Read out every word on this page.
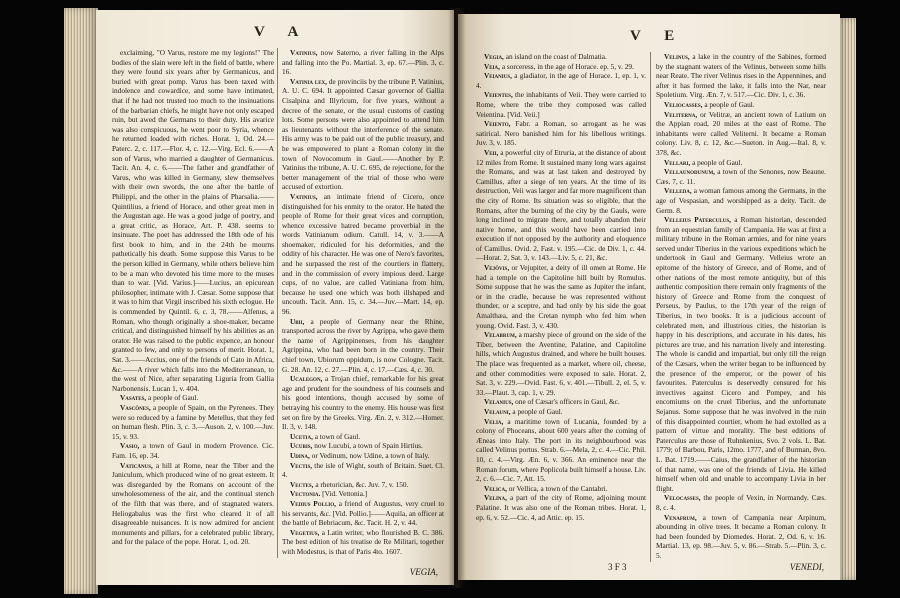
V A

exclaiming, "O Varus, restore me my legions!" The bodies of the slain were left in the field of battle, where they were found six years after by Germanicus, and buried with great pomp. Varus has been taxed with indolence and cowardice, and some have intimated, that if he had not trusted too much to the insinuations of the barbarian chiefs, he might have not only escaped ruin, but awed the Germans to their duty. His avarice was also conspicuous, he went poor to Syria, whence he returned loaded with riches. Horat. 1, Od. 24.—Paterc. 2, c. 117.—Flor. 4, c. 12.—Virg. Ecl. 6.——A son of Varus, who married a daughter of Germanicus. Tacit. An. 4, c. 6.——The father and grandfather of Varus, who was killed in Germany, slew themselves with their own swords, the one after the battle of Philippi, and the other in the plains of Pharsalia.——Quintilius, a friend of Horace, and other great men in the Augustan age. He was a good judge of poetry, and a great critic, as Horace, Art. P. 438. seems to insinuate. The poet has addressed the 18th ode of his first book to him, and in the 24th he mourns pathetically his death. Some suppose this Varus to be the person killed in Germany, while others believe him to be a man who devoted his time more to the muses than to war. [Vid. Varius.]——Lucius, an epicurean philosopher, intimate with J. Cæsar. Some suppose that it was to him that Virgil inscribed his sixth eclogue. He is commended by Quintil. 6, c. 3, 78.——Alfenus, a Roman, who though originally a shoe-maker, became critical, and distinguished himself by his abilities as an orator. He was raised to the public expence, an honour granted to few, and only to persons of merit. Horat. 1, Sat. 3.——Accius, one of the friends of Cato in Africa, &c.——A river which falls into the Mediterranean, to the west of Nice, after separating Liguria from Gallia Narbonensis. Lucan 1, v. 404.

Vasates, a people of Gaul.

Vascŏnes, a people of Spain, on the Pyrenees. They were so reduced by a famine by Metellus, that they fed on human flesh. Plin. 3, c. 3.—Auson. 2, v. 100.—Juv. 15, v. 93.

Vasio, a town of Gaul in modern Provence. Cic. Fam. 16, ep. 34.

Vaticānus, a hill at Rome, near the Tiber and the Janiculum, which produced wine of no great esteem. It was disregarded by the Romans on account of the unwholesomeness of the air, and the continual stench of the filth that was there, and of stagnated waters. Heliogabalus was the first who cleared it of all disagreeable nuisances. It is now admired for ancient monuments and pillars, for a celebrated public library, and for the palace of the pope. Horat. 1, od. 20.

Vatinius, now Saterno, a river falling in the Alps and falling into the Po. Martial. 3, ep. 67.—Plin. 3, c. 16.

Vatinia lex, de provinciis by the tribune P. Vatinius, A. U. C. 694. It appointed Cæsar governor of Gallia Cisalpina and Illyricum, for five years, without a decree of the senate, or the usual customs of casting lots. Some persons were also appointed to attend him as lieutenants without the interference of the senate. His army was to be paid out of the public treasury, and he was empowered to plant a Roman colony in the town of Novocomum in Gaul.——Another by P. Vatinius the tribune, A. U. C. 695, de rejectione, for the better management of the trial of those who were accused of extortion.

Vatinius, an intimate friend of Cicero, once distinguished for his enmity to the orator. He hated the people of Rome for their great vices and corruption, whence excessive hatred became proverbial in the words Vatinianum odium. Catull. 14, v. 3.——A shoemaker, ridiculed for his deformities, and the oddity of his character. He was one of Nero's favorites, and he surpassed the rest of the courtiers in flattery, and in the commission of every impious deed. Large cups, of no value, are called Vatiniana from him, because he used one which was both illshaped and uncouth. Tacit. Ann. 15, c. 34.—Juv.—Mart. 14, ep. 96.

Ubii, a people of Germany near the Rhine, transported across the river by Agrippa, who gave them the name of Agrippinenses, from his daughter Agrippina, who had been born in the country. Their chief town, Ubiorum oppidum, is now Cologne. Tacit. G. 28. An. 12, c. 27.—Plin. 4, c. 17.—Cæs. 4, c. 30.

Ucalegon, a Trojan chief, remarkable for his great age and prudent for the soundness of his counsels and his good intentions, though accused by some of betraying his country to the enemy. His house was first set on fire by the Greeks. Virg. Æn. 2, v. 312.—Homer. Il. 3, v. 148.

Ucetia, a town of Gaul.

Ucubis, now Lucubi, a town of Spain Hirtius.

Udina, or Vedinum, now Udine, a town of Italy.

Vectis, the isle of Wight, south of Britain. Suet. Cl. 4.

Vectes, a rhetorician, &c. Juv. 7, v. 150.

Vectonia. [Vid. Vettonia.]

Vedius Pollio, a friend of Augustus, very cruel to his servants, &c. [Vid. Pollio.]——Aquila, an officer at the battle of Bebriacum, &c. Tacit. H. 2, v. 44.

Vegetius, a Latin writer, who flourished B. C. 386. The best edition of his treatise de Re Militari, together with Modestus, is that of Paris 4to. 1607.

VEGIA,
V E

Vegia, an island on the coast of Dalmatia.

Veia, a sorceress, in the age of Horace. ep. 5, v. 29.

Veianius, a gladiator, in the age of Horace. 1, ep. 1, v. 4.

Veientes, the inhabitants of Veii. They were carried to Rome, where the tribe they composed was called Veientina. [Vid. Veii.]

Veiento, Fabr. a Roman, so arrogant as he was satirical. Nero banished him for his libellous writings. Juv. 3, v. 185.

Veii, a powerful city of Etruria, at the distance of about 12 miles from Rome. It sustained many long wars against the Romans, and was at last taken and destroyed by Camillus, after a siege of ten years. At the time of its destruction, Veii was larger and far more magnificent than the city of Rome. Its situation was so eligible, that the Romans, after the burning of the city by the Gauls, were long inclined to migrate there, and totally abandon their native home, and this would have been carried into execution if not opposed by the authority and eloquence of Camillus. Ovid. 2, Fast. v. 195.—Cic. de Div. 1, c. 44.—Horat. 2, Sat. 3, v. 143.—Liv. 5, c. 21, &c.

Vejŏvis, or Vejupiter, a deity of ill omen at Rome. He had a temple on the Capitoline hill built by Romulus. Some suppose that he was the same as Jupiter the infant, or in the cradle, because he was represented without thunder, or a sceptre, and had only by his side the goat Amalthæa, and the Cretan nymph who fed him when young. Ovid. Fast. 3, v. 430.

Velabrum, a marshy piece of ground on the side of the Tiber, between the Aventine, Palatine, and Capitoline hills, which Augustus drained, and where he built houses. The place was frequented as a market, where oil, cheese, and other commodities were exposed to sale. Horat. 2, Sat. 3, v. 229.—Ovid. Fast. 6, v. 401.—Tibull. 2, el. 5, v. 33.—Plaut. 3, cap. 1, v. 29.

Velanius, one of Cæsar's officers in Gaul, &c.

Velauni, a people of Gaul.

Velia, a maritime town of Lucania, founded by a colony of Phoceans, about 600 years after the coming of Æneas into Italy. The port in its neighbourhood was called Velinus portus. Strab. 6.—Mela, 2, c. 4.—Cic. Phil. 10, c. 4.—Virg. Æn. 6, v. 366. An eminence near the Roman forum, where Poplicola built himself a house. Liv. 2, c. 6.—Cic. 7, Att. 15.

Velica, or Vellica, a town of the Cantabri.

Velina, a part of the city of Rome, adjoining mount Palatine. It was also one of the Roman tribes. Horat. 1, ep. 6, v. 52.—Cic. 4, ad Attic. ep. 15.

Velinus, a lake in the country of the Sabines, formed by the stagnant waters of the Velinus, between some hills near Reate. The river Velinus rises in the Appennines, and after it has formed the lake, it falls into the Nar, near Spoletium. Virg. Æn. 7, v. 517.—Cic. Div. 1, c. 36.

Veliocasses, a people of Gaul.

Veliterna, or Velitræ, an ancient town of Latium on the Appian road, 20 miles at the east of Rome. The inhabitants were called Veliterni. It became a Roman colony. Liv. 8, c. 12, &c.—Sueton. in Aug.—Ital. 8, v. 378, &c.

Vellari, a people of Gaul.

Vellaunodunum, a town of the Senones, now Beaune. Cæs. 7, c. 11.

Velleda, a woman famous among the Germans, in the age of Vespasian, and worshipped as a deity. Tacit. de Germ. 8.

Velleius Paterculus, a Roman historian, descended from an equestrian family of Campania. He was at first a military tribune in the Roman armies, and for nine years served under Tiberius in the various expeditions which he undertook in Gaul and Germany. Velleius wrote an epitome of the history of Greece, and of Rome, and of other nations of the most remote antiquity, but of this authentic composition there remain only fragments of the history of Greece and Rome from the conquest of Perseus, by Paulus, to the 17th year of the reign of Tiberius, in two books. It is a judicious account of celebrated men, and illustrious cities, the historian is happy in his descriptions, and accurate in his dates, his pictures are true, and his narration lively and interesting. The whole is candid and impartial, but only till the reign of the Cæsars, when the writer began to be influenced by the presence of the emperor, or the power of his favourites. Paterculus is deservedly censured for his invectives against Cicero and Pompey, and his encomiums on the cruel Tiberius, and the unfortunate Sejanus. Some suppose that he was involved in the ruin of this disappointed courtier, whom he had extolled as a pattern of virtue and morality. The best editions of Paterculus are those of Ruhnkenius, Svo. 2 vols. L. Bat. 1779; of Barbou, Paris, 12mo. 1777, and of Burman, 8vo. L. Bat. 1719.——Caius, the grandfather of the historian of that name, was one of the friends of Livia. He killed himself when old and unable to accompany Livia in her flight.

Velocasses, the people of Vexin, in Normandy. Cæs. 8, c. 4.

Venafrum, a town of Campania near Arpinum, abounding in olive trees. It became a Roman colony. It had been founded by Diomedes. Horat. 2, Od. 6, v. 16. Martial. 13, ep. 98.—Juv. 5, v. 86.—Strab. 5.—Plin. 3, c. 5.

3 F 3	VENEDI,
